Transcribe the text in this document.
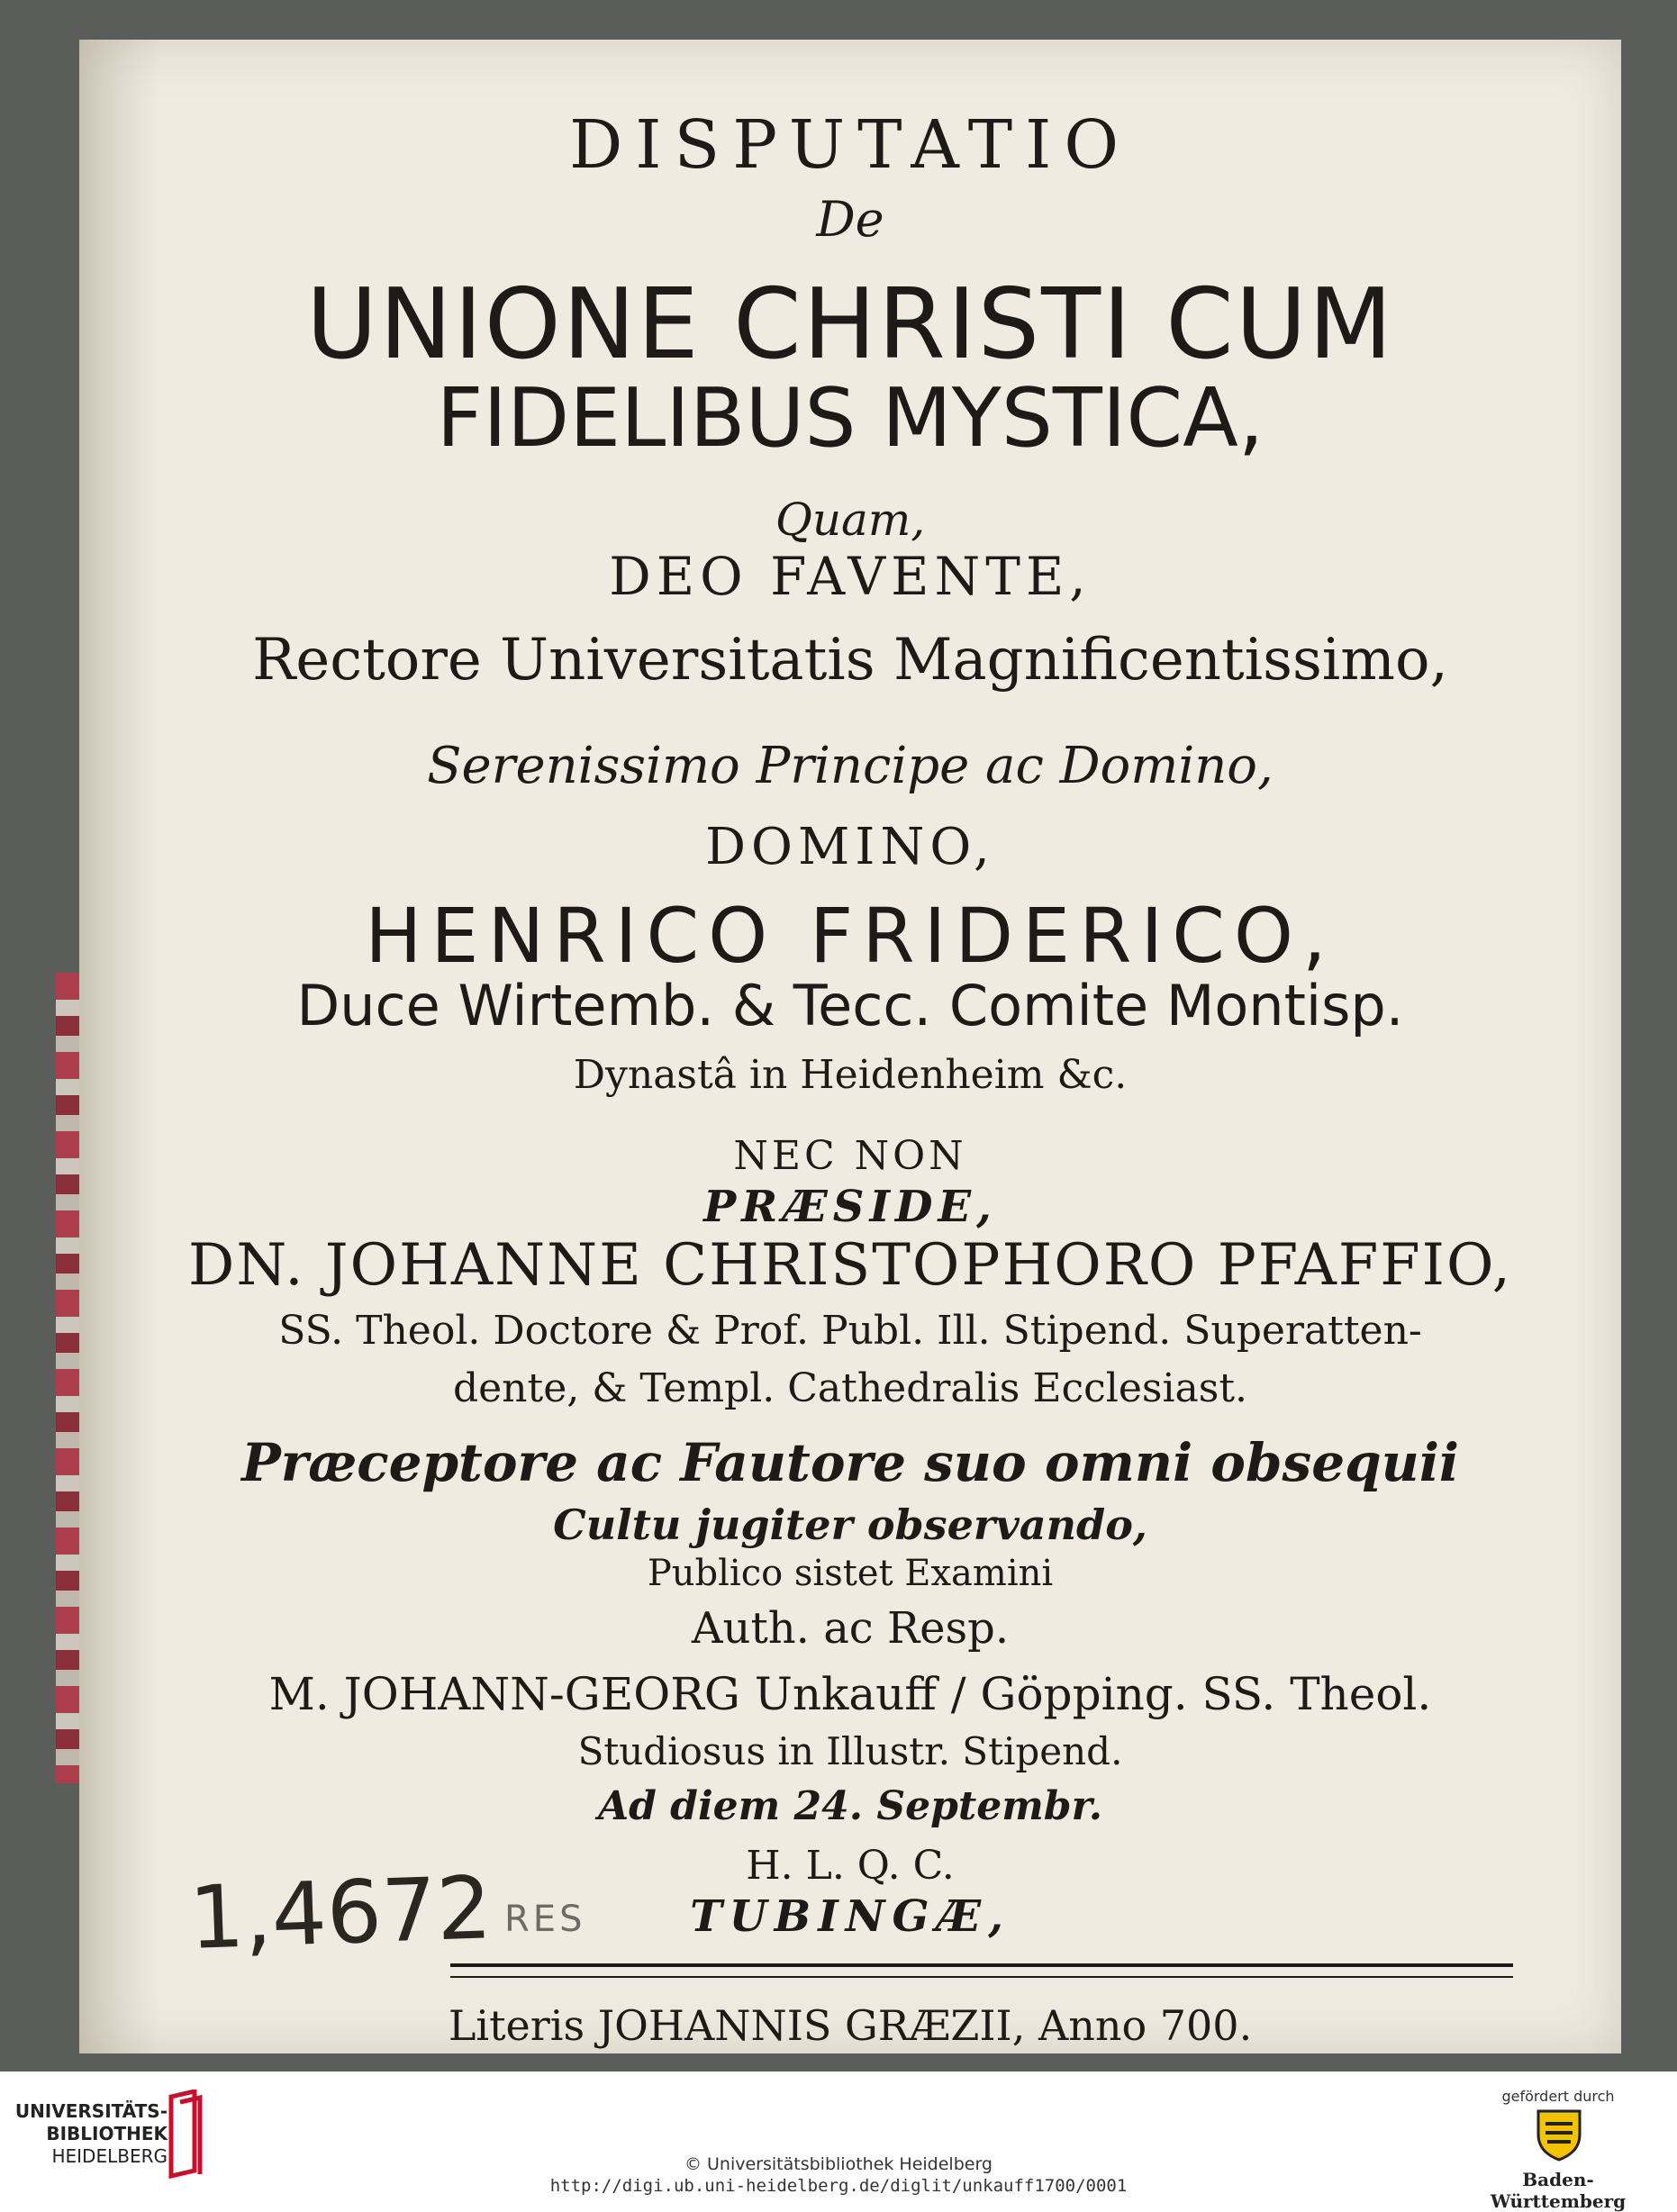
DISPUTATIO
De
UNIONE CHRISTI CUM
FIDELIBUS MYSTICA,
Quam,
DEO FAVENTE,
Rectore Universitatis Magnificentissimo,
Serenissimo Principe ac Domino,
DOMINO,
HENRICO FRIDERICO,
Duce Wirtemb. & Tecc. Comite Montisp.
Dynastâ in Heidenheim &c.
NEC NON
PRÆSIDE,
DN. JOHANNE CHRISTOPHORO PFAFFIO,
SS. Theol. Doctore & Prof. Publ. Ill. Stipend. Superatten-
dente, & Templ. Cathedralis Ecclesiast.
Præceptore ac Fautore suo omni obsequii
Cultu jugiter observando,
Publico sistet Examini
Auth. ac Resp.
M. JOHANN-GEORG Unkauff / Göpping. SS. Theol.
Studiosus in Illustr. Stipend.
Ad diem 24. Septembr.
H. L. Q. C.
TUBINGÆ,
Literis JOHANNIS GRÆZII, Anno 700.
1,4672 RES
UNIVERSITÄTS-
BIBLIOTHEK
HEIDELBERG	© Universitätsbibliothek Heidelberg
http://digi.ub.uni-heidelberg.de/diglit/unkauff1700/0001
gefördert durch
Baden-Württemberg
